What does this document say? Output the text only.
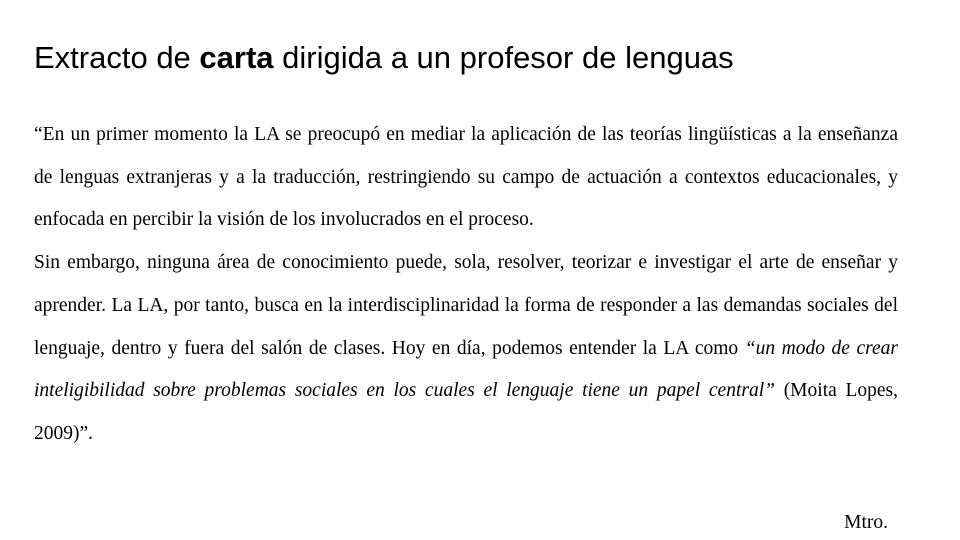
Extracto de carta dirigida a un profesor de lenguas

“En un primer momento la LA se preocupó en mediar la aplicación de las teorías lingüísticas a la enseñanza de lenguas extranjeras y a la traducción, restringiendo su campo de actuación a contextos educacionales, y enfocada en percibir la visión de los involucrados en el proceso.

Sin embargo, ninguna área de conocimiento puede, sola, resolver, teorizar e investigar el arte de enseñar y aprender. La LA, por tanto, busca en la interdisciplinaridad la forma de responder a las demandas sociales del lenguaje, dentro y fuera del salón de clases. Hoy en día, podemos entender la LA como “un modo de crear inteligibilidad sobre problemas sociales en los cuales el lenguaje tiene un papel central” (Moita Lopes, 2009)”.

Mtro.
